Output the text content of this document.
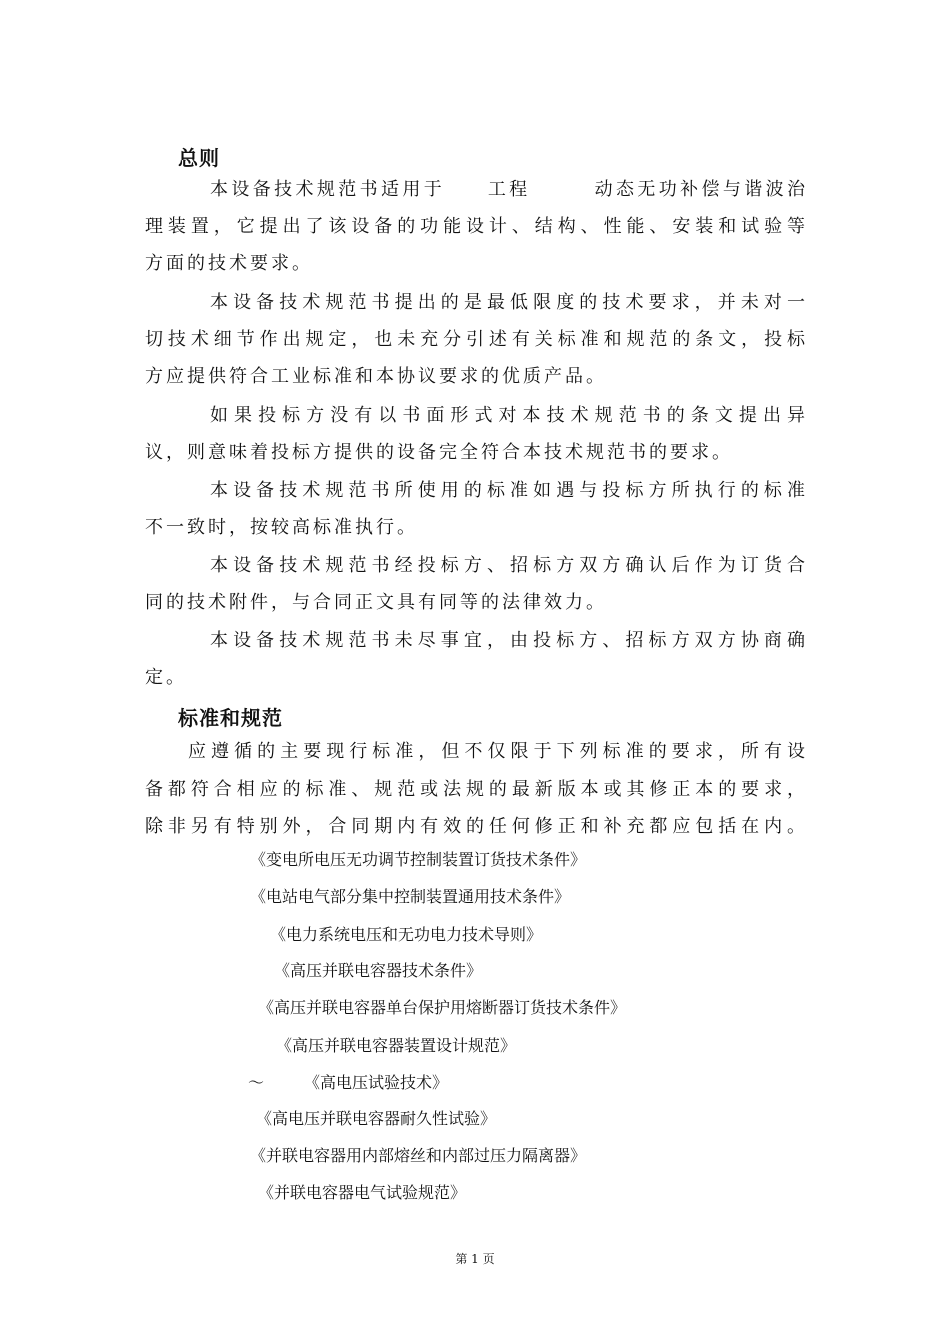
总则
本设备技术规范书适用于　　工程　　　动态无功补偿与谐波治
理装置，它提出了该设备的功能设计、结构、性能、安装和试验等
方面的技术要求。
本设备技术规范书提出的是最低限度的技术要求，并未对一
切技术细节作出规定，也未充分引述有关标准和规范的条文，投标
方应提供符合工业标准和本协议要求的优质产品。
如果投标方没有以书面形式对本技术规范书的条文提出异
议，则意味着投标方提供的设备完全符合本技术规范书的要求。
本设备技术规范书所使用的标准如遇与投标方所执行的标准
不一致时，按较高标准执行。
本设备技术规范书经投标方、招标方双方确认后作为订货合
同的技术附件，与合同正文具有同等的法律效力。
本设备技术规范书未尽事宜，由投标方、招标方双方协商确
定。
标准和规范
应遵循的主要现行标准，但不仅限于下列标准的要求，所有设
备都符合相应的标准、规范或法规的最新版本或其修正本的要求，
除非另有特别外，合同期内有效的任何修正和补充都应包括在内。
《变电所电压无功调节控制装置订货技术条件》
《电站电气部分集中控制装置通用技术条件》
《电力系统电压和无功电力技术导则》
《高压并联电容器技术条件》
《高压并联电容器单台保护用熔断器订货技术条件》
《高压并联电容器装置设计规范》
～　　　《高电压试验技术》
《高电压并联电容器耐久性试验》
《并联电容器用内部熔丝和内部过压力隔离器》
《并联电容器电气试验规范》
第 1 页
